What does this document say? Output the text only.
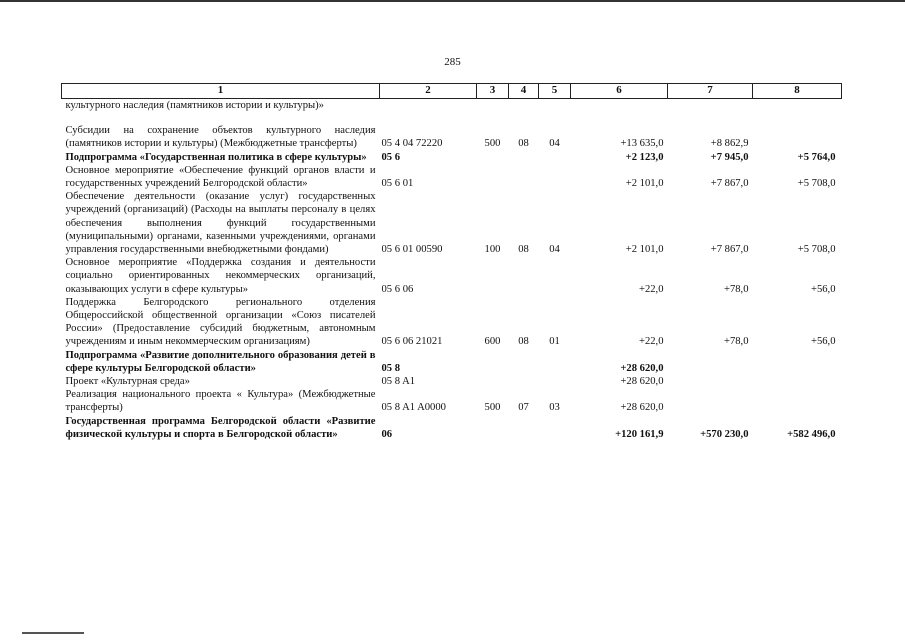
285
1	2	3	4	5	6	7	8
культурного наследия (памятников истории и культуры)»							

Субсидии на сохранение объектов культурного наследия (памятников истории и культуры) (Межбюджетные трансферты)	05 4 04 72220	500	08	04	+13 635,0	+8 862,9	
Подпрограмма «Государственная политика в сфере культуры»	05 6				+2 123,0	+7 945,0	+5 764,0
Основное мероприятие «Обеспечение функций органов власти и государственных учреждений Белгородской области»	05 6 01				+2 101,0	+7 867,0	+5 708,0
Обеспечение деятельности (оказание услуг) государственных учреждений (организаций) (Расходы на выплаты персоналу в целях обеспечения выполнения функций государственными (муниципальными) органами, казенными учреждениями, органами управления государственными внебюджетными фондами)	05 6 01 00590	100	08	04	+2 101,0	+7 867,0	+5 708,0
Основное мероприятие «Поддержка создания и деятельности социально ориентированных некоммерческих организаций, оказывающих услуги в сфере культуры»	05 6 06				+22,0	+78,0	+56,0
Поддержка Белгородского регионального отделения Общероссийской общественной организации «Союз писателей России» (Предоставление субсидий бюджетным, автономным учреждениям и иным некоммерческим организациям)	05 6 06 21021	600	08	01	+22,0	+78,0	+56,0
Подпрограмма «Развитие дополнительного образования детей в сфере культуры Белгородской области»	05 8				+28 620,0		
Проект «Культурная среда»	05 8 A1				+28 620,0		
Реализация национального проекта « Культура» (Межбюджетные трансферты)	05 8 A1 A0000	500	07	03	+28 620,0		
Государственная программа Белгородской области «Развитие физической культуры и спорта в Белгородской области»	06				+120 161,9	+570 230,0	+582 496,0
